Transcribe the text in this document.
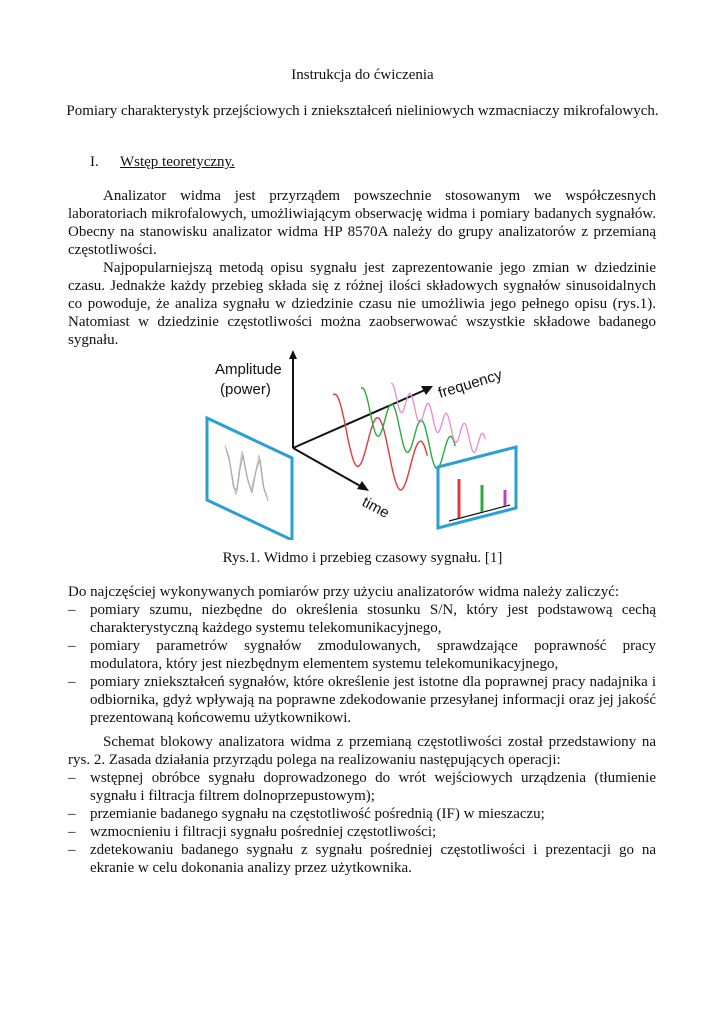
Instrukcja do ćwiczenia
Pomiary charakterystyk przejściowych i zniekształceń nieliniowych wzmacniaczy mikrofalowych.
I. Wstęp teoretyczny.

Analizator widma jest przyrządem powszechnie stosowanym we współczesnych laboratoriach mikrofalowych, umożliwiającym obserwację widma i pomiary badanych sygnałów. Obecny na stanowisku analizator widma HP 8570A należy do grupy analizatorów z przemianą częstotliwości.

Najpopularniejszą metodą opisu sygnału jest zaprezentowanie jego zmian w dziedzinie czasu. Jednakże każdy przebieg składa się z różnej ilości składowych sygnałów sinusoidalnych co powoduje, że analiza sygnału w dziedzinie czasu nie umożliwia jego pełnego opisu (rys.1). Natomiast w dziedzinie częstotliwości można zaobserwować wszystkie składowe badanego sygnału.

Amplitude
(power)	frequency
time
Rys.1. Widmo i przebieg czasowy sygnału. [1]
Do najczęściej wykonywanych pomiarów przy użyciu analizatorów widma należy zaliczyć:
– pomiary szumu, niezbędne do określenia stosunku S/N, który jest podstawową cechą charakterystyczną każdego systemu telekomunikacyjnego,
– pomiary parametrów sygnałów zmodulowanych, sprawdzające poprawność pracy modulatora, który jest niezbędnym elementem systemu telekomunikacyjnego,
– pomiary zniekształceń sygnałów, które określenie jest istotne dla poprawnej pracy nadajnika i odbiornika, gdyż wpływają na poprawne zdekodowanie przesyłanej informacji oraz jej jakość prezentowaną końcowemu użytkownikowi.
Schemat blokowy analizatora widma z przemianą częstotliwości został przedstawiony na rys. 2. Zasada działania przyrządu polega na realizowaniu następujących operacji:
– wstępnej obróbce sygnału doprowadzonego do wrót wejściowych urządzenia (tłumienie sygnału i filtracja filtrem dolnoprzepustowym);
– przemianie badanego sygnału na częstotliwość pośrednią (IF) w mieszaczu;
– wzmocnieniu i filtracji sygnału pośredniej częstotliwości;
– zdetekowaniu badanego sygnału z sygnału pośredniej częstotliwości i prezentacji go na ekranie w celu dokonania analizy przez użytkownika.
